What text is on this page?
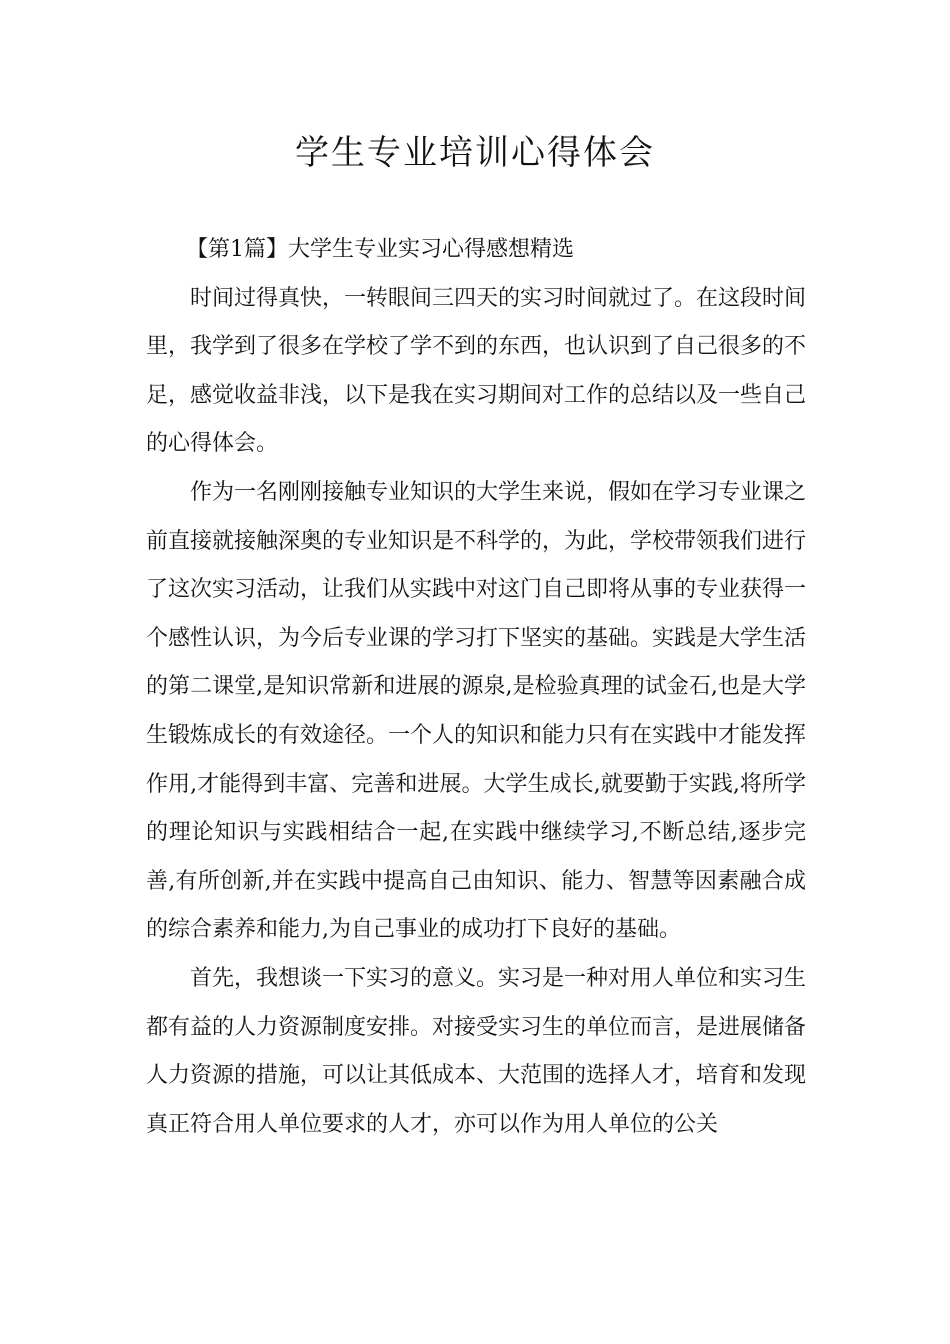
学生专业培训心得体会

【第1篇】大学生专业实习心得感想精选

时间过得真快，一转眼间三四天的实习时间就过了。在这段时间里，我学到了很多在学校了学不到的东西，也认识到了自己很多的不足，感觉收益非浅，以下是我在实习期间对工作的总结以及一些自己的心得体会。

作为一名刚刚接触专业知识的大学生来说，假如在学习专业课之前直接就接触深奥的专业知识是不科学的，为此，学校带领我们进行了这次实习活动，让我们从实践中对这门自己即将从事的专业获得一个感性认识，为今后专业课的学习打下坚实的基础。实践是大学生活的第二课堂,是知识常新和进展的源泉,是检验真理的试金石,也是大学生锻炼成长的有效途径。一个人的知识和能力只有在实践中才能发挥作用,才能得到丰富、完善和进展。大学生成长,就要勤于实践,将所学的理论知识与实践相结合一起,在实践中继续学习,不断总结,逐步完善,有所创新,并在实践中提高自己由知识、能力、智慧等因素融合成的综合素养和能力,为自己事业的成功打下良好的基础。

首先，我想谈一下实习的意义。实习是一种对用人单位和实习生都有益的人力资源制度安排。对接受实习生的单位而言，是进展储备人力资源的措施，可以让其低成本、大范围的选择人才，培育和发现真正符合用人单位要求的人才，亦可以作为用人单位的公关
